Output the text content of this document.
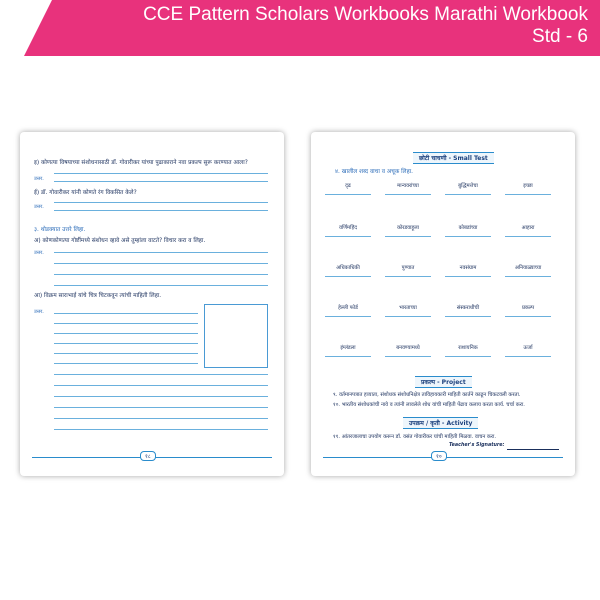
CCE Pattern Scholars Workbooks Marathi Workbook
Std - 6
इ) कोणत्या विषयाच्या संशोधनासाठी डॉ. गोवारीकर यांच्या पुढाकाराने नवा प्रकल्प सुरू करण्यात आला?
उत्तर.
ई) डॉ. गोवारीकर यांनी कोणते रंग विकसित केले?
उत्तर.
३. थोडक्यात उत्तरे लिहा.
अ) कोणकोणत्या गोष्टींमध्ये संशोधन व्हावे असे तुम्हांला वाटते? विचार करा व लिहा.
उत्तर.
आ) विक्रम साराभाई यांचे चित्र चिटकवून त्यांची माहिती लिहा.
उत्तर.
१८
छोटी चाचणी - Small Test
४. खालील शब्द वाचा व अचूक लिहा.
दृढ	मान्यवरांच्या	बुद्धिमत्तेचा	इच्छा
वर्णिमहिंद	कोरडवाहूला	कोबडांच्या	आहारा
अधिकाधिकी	पुण्यात	नवसंग्राम	अनियाळ्याच्या
हेल्ली फोर्ड	भारताच्या	संस्कराधीची	प्रकल्प
इंग्लंडला	बनवण्यामध्ये	राशायनिक	ऊर्जा
प्रकल्प - Project
९. वर्तमानपत्रात हव्याता, संशोधक संशोधनिक्षेत्र ताविहायकारी माहिती कार्तने काढून चिकटवली करता.
१०. भारतीय संशोधकांची नावे व त्यांनी लावलेले शोध यांची माहिती पेंढाव कलाय करता कार्य. चर्चा करा.
उपक्रम / कृती - Activity
११. आंतरजालाचा उपयोग करून डॉ. वसंत गोवारीकर यांची माहिती मिळवा. वाचन करा.
Teacher's Signature:
१०
